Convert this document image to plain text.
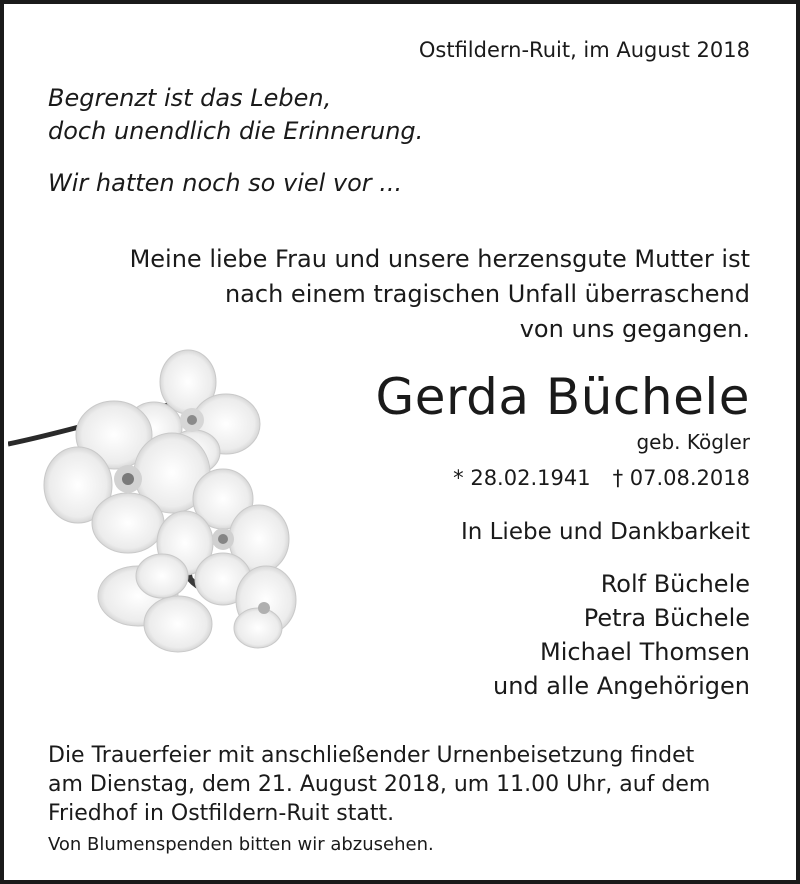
Ostfildern-Ruit, im August 2018
Begrenzt ist das Leben,
doch unendlich die Erinnerung.
Wir hatten noch so viel vor ...
Meine liebe Frau und unsere herzensgute Mutter ist
nach einem tragischen Unfall überraschend
von uns gegangen.
Gerda Büchele
geb. Kögler
* 28.02.1941 † 07.08.2018
In Liebe und Dankbarkeit
Rolf Büchele
Petra Büchele
Michael Thomsen
und alle Angehörigen
Die Trauerfeier mit anschließender Urnenbeisetzung findet
am Dienstag, dem 21. August 2018, um 11.00 Uhr, auf dem
Friedhof in Ostfildern-Ruit statt.
Von Blumenspenden bitten wir abzusehen.
